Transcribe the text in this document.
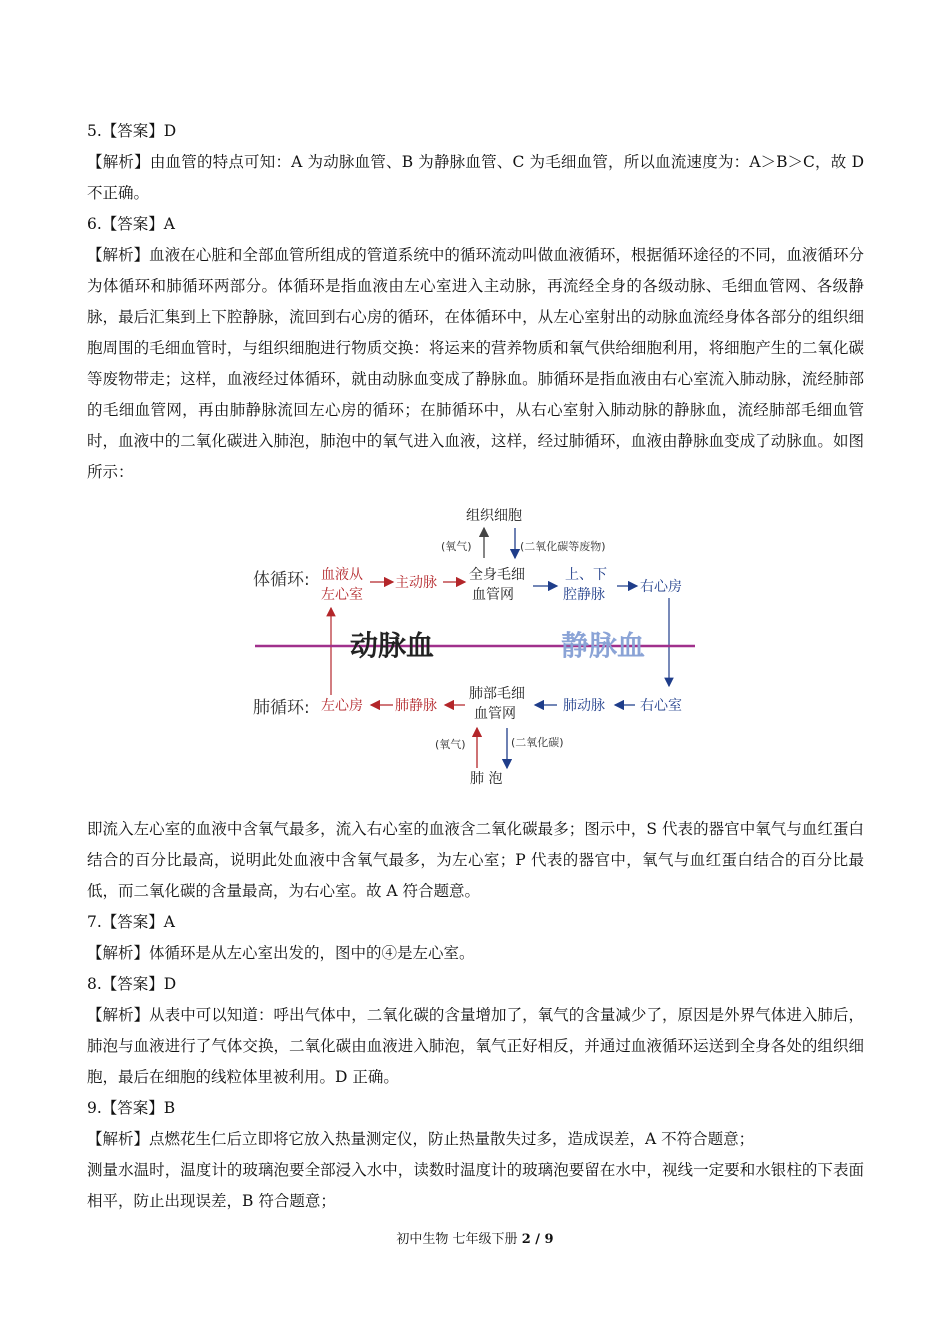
5.【答案】D
【解析】由血管的特点可知：A 为动脉血管、B 为静脉血管、C 为毛细血管，所以血流速度为：A＞B＞C，故 D 不正确。
6.【答案】A
【解析】血液在心脏和全部血管所组成的管道系统中的循环流动叫做血液循环，根据循环途径的不同，血液循环分为体循环和肺循环两部分。体循环是指血液由左心室进入主动脉，再流经全身的各级动脉、毛细血管网、各级静脉，最后汇集到上下腔静脉，流回到右心房的循环，在体循环中，从左心室射出的动脉血流经身体各部分的组织细胞周围的毛细血管时，与组织细胞进行物质交换：将运来的营养物质和氧气供给细胞利用，将细胞产生的二氧化碳等废物带走；这样，血液经过体循环，就由动脉血变成了静脉血。肺循环是指血液由右心室流入肺动脉，流经肺部的毛细血管网，再由肺静脉流回左心房的循环；在肺循环中，从右心室射入肺动脉的静脉血，流经肺部毛细血管时，血液中的二氧化碳进入肺泡，肺泡中的氧气进入血液，这样，经过肺循环，血液由静脉血变成了动脉血。如图所示：
即流入左心室的血液中含氧气最多，流入右心室的血液含二氧化碳最多；图示中，S 代表的器官中氧气与血红蛋白结合的百分比最高，说明此处血液中含氧气最多，为左心室；P 代表的器官中，氧气与血红蛋白结合的百分比最低，而二氧化碳的含量最高，为右心室。故 A 符合题意。
7.【答案】A
【解析】体循环是从左心室出发的，图中的④是左心室。
8.【答案】D
【解析】从表中可以知道：呼出气体中，二氧化碳的含量增加了，氧气的含量减少了，原因是外界气体进入肺后，肺泡与血液进行了气体交换，二氧化碳由血液进入肺泡，氧气正好相反，并通过血液循环运送到全身各处的组织细胞，最后在细胞的线粒体里被利用。D 正确。
9.【答案】B
【解析】点燃花生仁后立即将它放入热量测定仪，防止热量散失过多，造成误差，A 不符合题意；
测量水温时，温度计的玻璃泡要全部浸入水中，读数时温度计的玻璃泡要留在水中，视线一定要和水银柱的下表面相平，防止出现误差，B 符合题意；
组织细胞
(氧气)	(二氧化碳等废物)
体循环: 血液从
左心室
主动脉 全身毛细
血管网
上、下
腔静脉	右心房
动脉血	静脉血
肺循环: 左心房 肺静脉
肺部毛细
血管网	肺动脉	右心室
(氧气)	(二氧化碳)
肺 泡
初中生物 七年级下册 2 / 9
